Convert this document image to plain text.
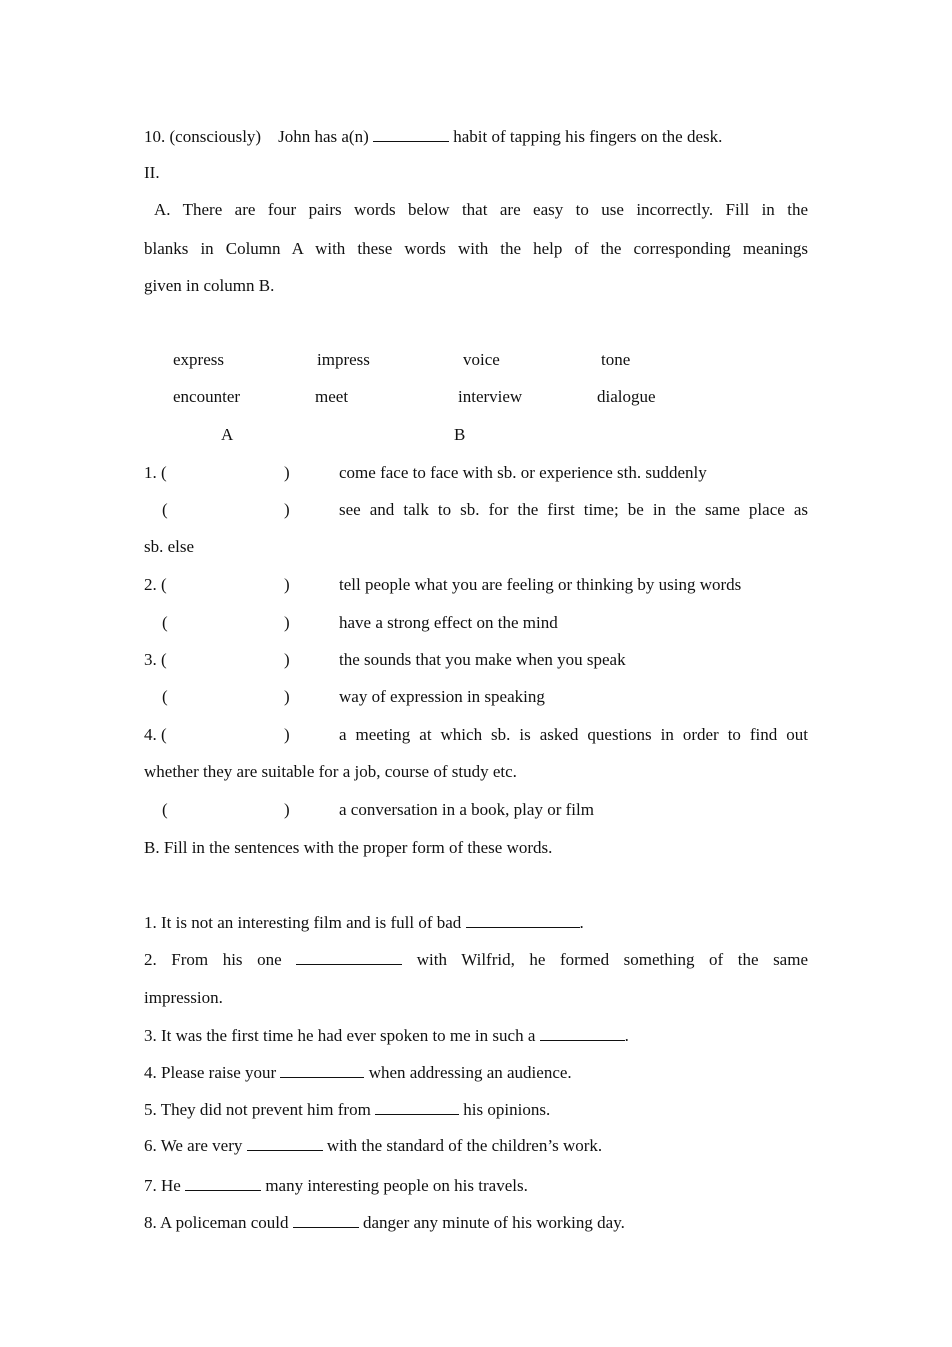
10. (consciously) John has a(n)	habit of tapping his fingers on the desk.
II.
A. There are four pairs words below that are easy to use incorrectly. Fill in the
blanks in Column A with these words with the help of the corresponding meanings
given in column B.
express	impress	voice	tone
encounter	meet	interview	dialogue
A	B
1. (	)	come face to face with sb. or experience sth. suddenly
(	)	see and talk to sb. for the first time; be in the same place as
sb. else
2. (	)	tell people what you are feeling or thinking by using words
(	)	have a strong effect on the mind
3. (	)	the sounds that you make when you speak
(	)	way of expression in speaking
4. (	)	a meeting at which sb. is asked questions in order to find out
whether they are suitable for a job, course of study etc.
(	)	a conversation in a book, play or film
B. Fill in the sentences with the proper form of these words.
1. It is not an interesting film and is full of bad	.
2. From his one	with Wilfrid, he formed something of the same
impression.
3. It was the first time he had ever spoken to me in such a	.
4. Please raise your	when addressing an audience.
5. They did not prevent him from	his opinions.
6. We are very	with the standard of the children’s work.
7. He	many interesting people on his travels.
8. A policeman could	danger any minute of his working day.
